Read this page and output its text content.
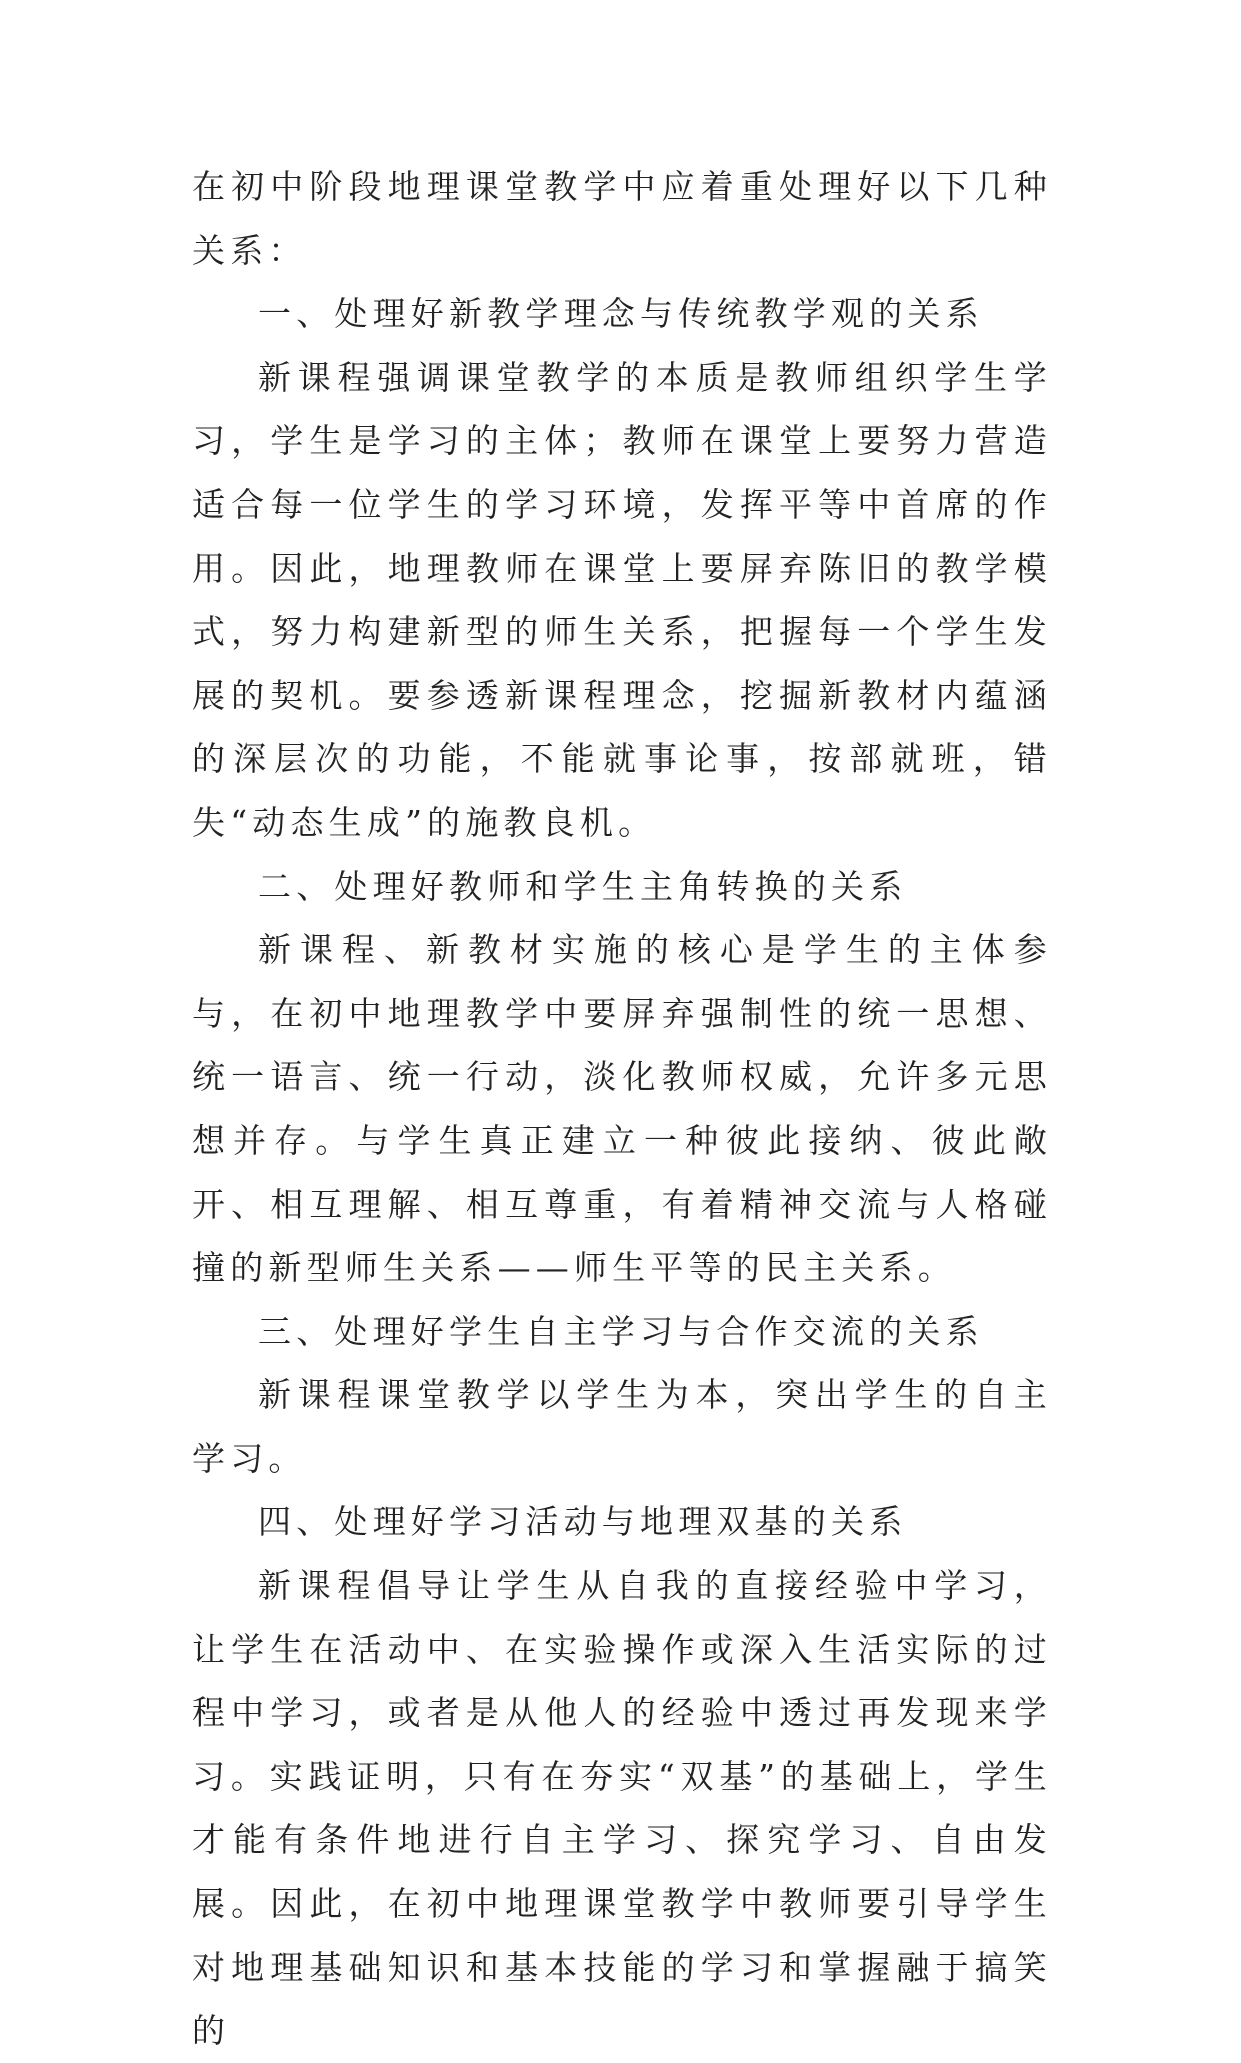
在初中阶段地理课堂教学中应着重处理好以下几种关系：

一、处理好新教学理念与传统教学观的关系

新课程强调课堂教学的本质是教师组织学生学习，学生是学习的主体；教师在课堂上要努力营造适合每一位学生的学习环境，发挥平等中首席的作用。因此，地理教师在课堂上要屏弃陈旧的教学模式，努力构建新型的师生关系，把握每一个学生发展的契机。要参透新课程理念，挖掘新教材内蕴涵的深层次的功能，不能就事论事，按部就班，错失“动态生成”的施教良机。

二、处理好教师和学生主角转换的关系

新课程、新教材实施的核心是学生的主体参与，在初中地理教学中要屏弃强制性的统一思想、统一语言、统一行动，淡化教师权威，允许多元思想并存。与学生真正建立一种彼此接纳、彼此敞开、相互理解、相互尊重，有着精神交流与人格碰撞的新型师生关系——师生平等的民主关系。

三、处理好学生自主学习与合作交流的关系

新课程课堂教学以学生为本，突出学生的自主学习。

四、处理好学习活动与地理双基的关系

新课程倡导让学生从自我的直接经验中学习，让学生在活动中、在实验操作或深入生活实际的过程中学习，或者是从他人的经验中透过再发现来学习。实践证明，只有在夯实“双基”的基础上，学生才能有条件地进行自主学习、探究学习、自由发展。因此，在初中地理课堂教学中教师要引导学生对地理基础知识和基本技能的学习和掌握融于搞笑的
